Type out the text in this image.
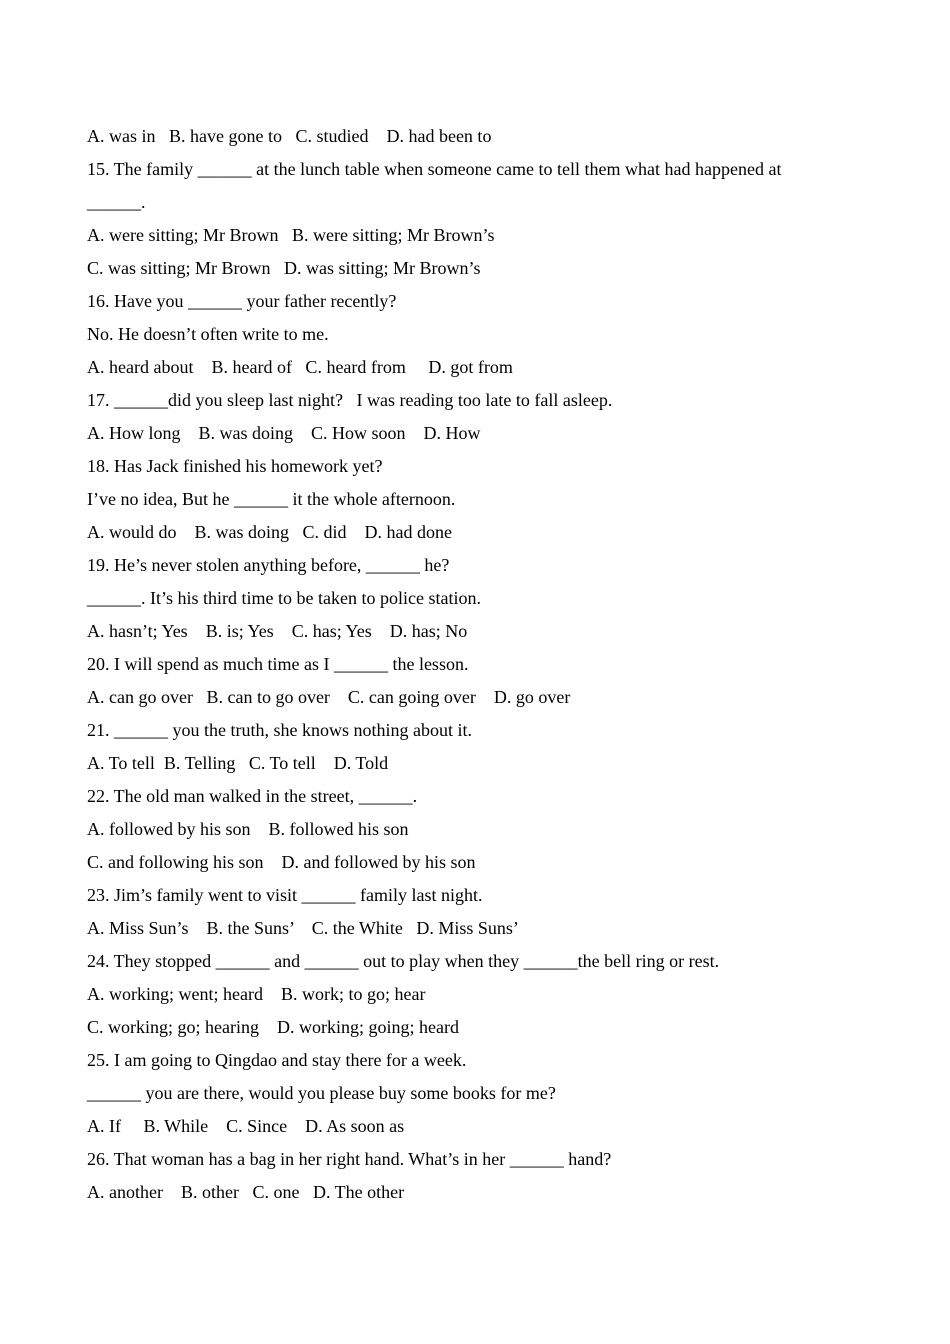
A. was in   B. have gone to   C. studied    D. had been to
15. The family ______ at the lunch table when someone came to tell them what had happened at
______.
A. were sitting; Mr Brown   B. were sitting; Mr Brown’s
C. was sitting; Mr Brown   D. was sitting; Mr Brown’s
16. Have you ______ your father recently?
No. He doesn’t often write to me.
A. heard about    B. heard of   C. heard from     D. got from
17. ______did you sleep last night?   I was reading too late to fall asleep.
A. How long    B. was doing    C. How soon    D. How
18. Has Jack finished his homework yet?
I’ve no idea, But he ______ it the whole afternoon.
A. would do    B. was doing   C. did    D. had done
19. He’s never stolen anything before, ______ he?
______. It’s his third time to be taken to police station.
A. hasn’t; Yes    B. is; Yes    C. has; Yes    D. has; No
20. I will spend as much time as I ______ the lesson.
A. can go over   B. can to go over    C. can going over    D. go over
21. ______ you the truth, she knows nothing about it.
A. To tell  B. Telling   C. To tell    D. Told
22. The old man walked in the street, ______.
A. followed by his son    B. followed his son
C. and following his son    D. and followed by his son
23. Jim’s family went to visit ______ family last night.
A. Miss Sun’s    B. the Suns’    C. the White   D. Miss Suns’
24. They stopped ______ and ______ out to play when they ______the bell ring or rest.
A. working; went; heard    B. work; to go; hear
C. working; go; hearing    D. working; going; heard
25. I am going to Qingdao and stay there for a week.
______ you are there, would you please buy some books for me?
A. If     B. While    C. Since    D. As soon as
26. That woman has a bag in her right hand. What’s in her ______ hand?
A. another    B. other   C. one   D. The other
